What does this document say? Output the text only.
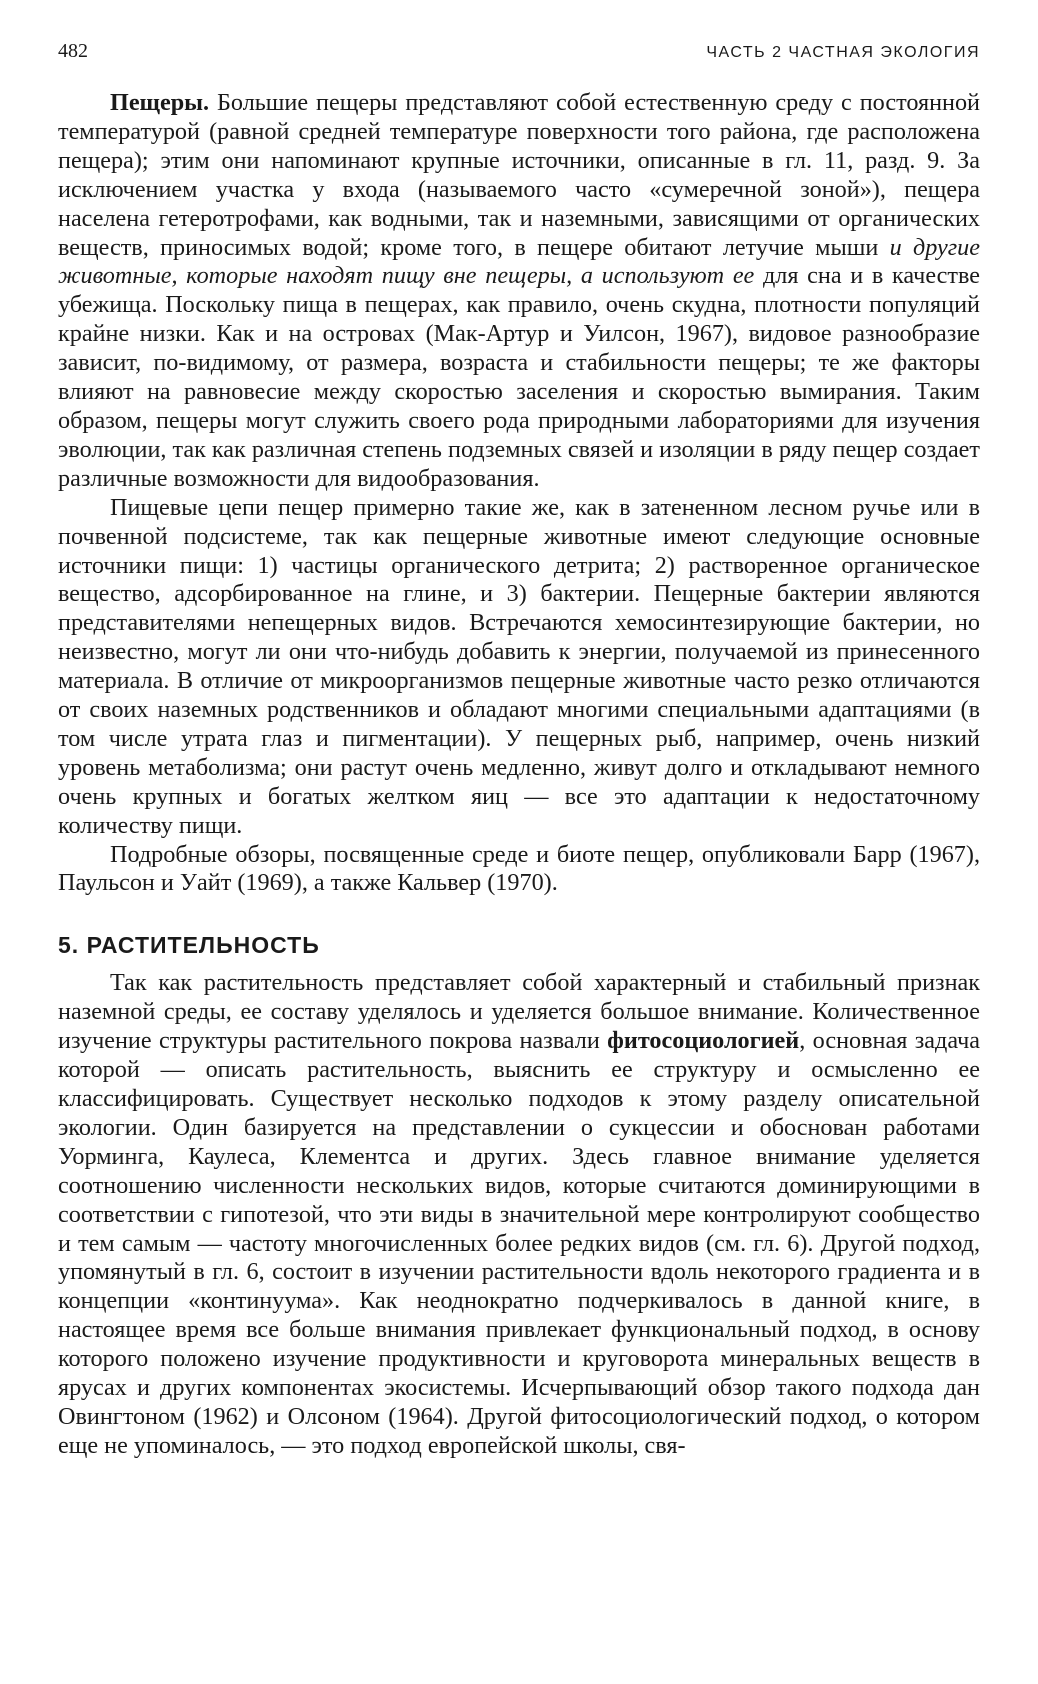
482	ЧАСТЬ 2 ЧАСТНАЯ ЭКОЛОГИЯ

Пещеры. Большие пещеры представляют собой естественную среду с постоянной температурой (равной средней температуре поверхности того района, где расположена пещера); этим они напоминают крупные источники, описанные в гл. 11, разд. 9. За исключением участка у входа (называемого часто «сумеречной зоной»), пещера населена гетеротрофами, как водными, так и наземными, зависящими от органических веществ, приносимых водой; кроме того, в пещере обитают летучие мыши и другие животные, которые находят пищу вне пещеры, а используют ее для сна и в качестве убежища. Поскольку пища в пещерах, как правило, очень скудна, плотности популяций крайне низки. Как и на островах (Мак-Артур и Уилсон, 1967), видовое разнообразие зависит, по-видимому, от размера, возраста и стабильности пещеры; те же факторы влияют на равновесие между скоростью заселения и скоростью вымирания. Таким образом, пещеры могут служить своего рода природными лабораториями для изучения эволюции, так как различная степень подземных связей и изоляции в ряду пещер создает различные возможности для видообразования.

Пищевые цепи пещер примерно такие же, как в затененном лесном ручье или в почвенной подсистеме, так как пещерные животные имеют следующие основные источники пищи: 1) частицы органического детрита; 2) растворенное органическое вещество, адсорбированное на глине, и 3) бактерии. Пещерные бактерии являются представителями непещерных видов. Встречаются хемосинтезирующие бактерии, но неизвестно, могут ли они что-нибудь добавить к энергии, получаемой из принесенного материала. В отличие от микроорганизмов пещерные животные часто резко отличаются от своих наземных родственников и обладают многими специальными адаптациями (в том числе утрата глаз и пигментации). У пещерных рыб, например, очень низкий уровень метаболизма; они растут очень медленно, живут долго и откладывают немного очень крупных и богатых желтком яиц — все это адаптации к недостаточному количеству пищи.

Подробные обзоры, посвященные среде и биоте пещер, опубликовали Барр (1967), Паульсон и Уайт (1969), а также Кальвер (1970).

5. РАСТИТЕЛЬНОСТЬ

Так как растительность представляет собой характерный и стабильный признак наземной среды, ее составу уделялось и уделяется большое внимание. Количественное изучение структуры растительного покрова назвали фитосоциологией, основная задача которой — описать растительность, выяснить ее структуру и осмысленно ее классифицировать. Существует несколько подходов к этому разделу описательной экологии. Один базируется на представлении о сукцессии и обоснован работами Уорминга, Каулеса, Клементса и других. Здесь главное внимание уделяется соотношению численности нескольких видов, которые считаются доминирующими в соответствии с гипотезой, что эти виды в значительной мере контролируют сообщество и тем самым — частоту многочисленных более редких видов (см. гл. 6). Другой подход, упомянутый в гл. 6, состоит в изучении растительности вдоль некоторого градиента и в концепции «континуума». Как неоднократно подчеркивалось в данной книге, в настоящее время все больше внимания привлекает функциональный подход, в основу которого положено изучение продуктивности и круговорота минеральных веществ в ярусах и других компонентах экосистемы. Исчерпывающий обзор такого подхода дан Овингтоном (1962) и Олсоном (1964). Другой фитосоциологический подход, о котором еще не упоминалось, — это подход европейской школы, свя-
